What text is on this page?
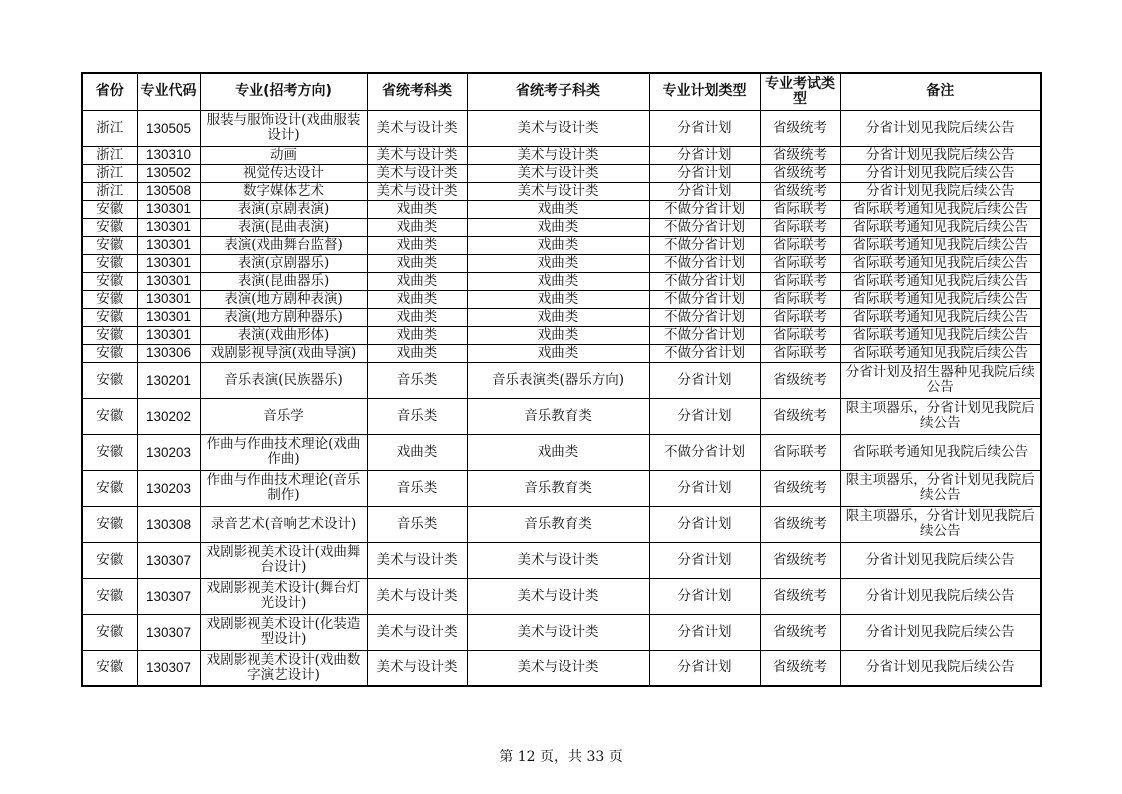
省份	专业代码	专业(招考方向)	省统考科类	省统考子科类	专业计划类型	专业考试类型	备注
浙江	130505	服装与服饰设计(戏曲服装设计)	美术与设计类	美术与设计类	分省计划	省级统考	分省计划见我院后续公告
浙江	130310	动画	美术与设计类	美术与设计类	分省计划	省级统考	分省计划见我院后续公告
浙江	130502	视觉传达设计	美术与设计类	美术与设计类	分省计划	省级统考	分省计划见我院后续公告
浙江	130508	数字媒体艺术	美术与设计类	美术与设计类	分省计划	省级统考	分省计划见我院后续公告
安徽	130301	表演(京剧表演)	戏曲类	戏曲类	不做分省计划	省际联考	省际联考通知见我院后续公告
安徽	130301	表演(昆曲表演)	戏曲类	戏曲类	不做分省计划	省际联考	省际联考通知见我院后续公告
安徽	130301	表演(戏曲舞台监督)	戏曲类	戏曲类	不做分省计划	省际联考	省际联考通知见我院后续公告
安徽	130301	表演(京剧器乐)	戏曲类	戏曲类	不做分省计划	省际联考	省际联考通知见我院后续公告
安徽	130301	表演(昆曲器乐)	戏曲类	戏曲类	不做分省计划	省际联考	省际联考通知见我院后续公告
安徽	130301	表演(地方剧种表演)	戏曲类	戏曲类	不做分省计划	省际联考	省际联考通知见我院后续公告
安徽	130301	表演(地方剧种器乐)	戏曲类	戏曲类	不做分省计划	省际联考	省际联考通知见我院后续公告
安徽	130301	表演(戏曲形体)	戏曲类	戏曲类	不做分省计划	省际联考	省际联考通知见我院后续公告
安徽	130306	戏剧影视导演(戏曲导演)	戏曲类	戏曲类	不做分省计划	省际联考	省际联考通知见我院后续公告
安徽	130201	音乐表演(民族器乐)	音乐类	音乐表演类(器乐方向)	分省计划	省级统考	分省计划及招生器种见我院后续公告
安徽	130202	音乐学	音乐类	音乐教育类	分省计划	省级统考	限主项器乐，分省计划见我院后续公告
安徽	130203	作曲与作曲技术理论(戏曲作曲)	戏曲类	戏曲类	不做分省计划	省际联考	省际联考通知见我院后续公告
安徽	130203	作曲与作曲技术理论(音乐制作)	音乐类	音乐教育类	分省计划	省级统考	限主项器乐，分省计划见我院后续公告
安徽	130308	录音艺术(音响艺术设计)	音乐类	音乐教育类	分省计划	省级统考	限主项器乐，分省计划见我院后续公告
安徽	130307	戏剧影视美术设计(戏曲舞台设计)	美术与设计类	美术与设计类	分省计划	省级统考	分省计划见我院后续公告
安徽	130307	戏剧影视美术设计(舞台灯光设计)	美术与设计类	美术与设计类	分省计划	省级统考	分省计划见我院后续公告
安徽	130307	戏剧影视美术设计(化装造型设计)	美术与设计类	美术与设计类	分省计划	省级统考	分省计划见我院后续公告
安徽	130307	戏剧影视美术设计(戏曲数字演艺设计)	美术与设计类	美术与设计类	分省计划	省级统考	分省计划见我院后续公告
第 12 页，共 33 页
